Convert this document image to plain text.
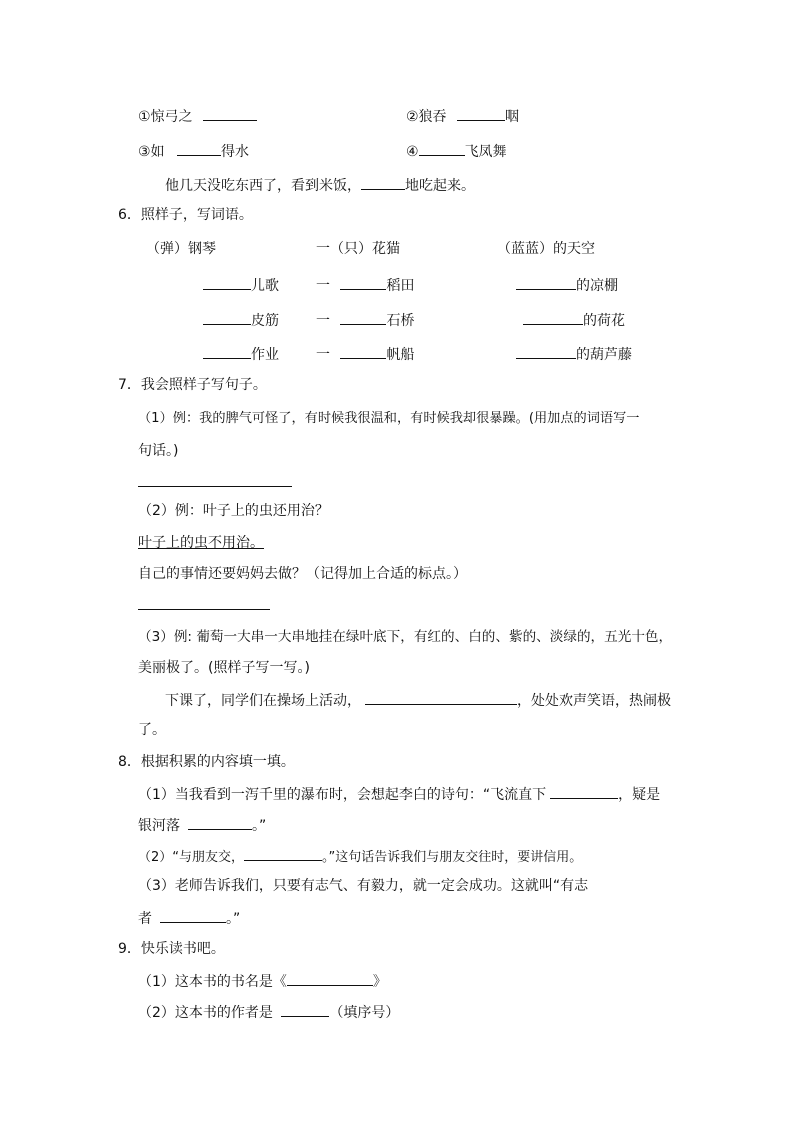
①惊弓之	②狼吞	咽
③如	得水	④	飞凤舞
他几天没吃东西了，看到米饭，	地吃起来。
6．照样子，写词语。
（弹）钢琴	一（只）花猫	（蓝蓝）的天空
儿歌	一	稻田	的凉棚
皮筋	一	石桥	的荷花
作业	一	帆船	的葫芦藤
7．我会照样子写句子。
（1）例：我的脾气可怪了，有时候我很温和，有时候我却很暴躁。(用加点的词语写一
句话。)
（2）例：叶子上的虫还用治？
叶子上的虫不用治。
自己的事情还要妈妈去做？（记得加上合适的标点。）
（3）例: 葡萄一大串一大串地挂在绿叶底下，有红的、白的、紫的、淡绿的，五光十色，
美丽极了。(照样子写一写。)
下课了，同学们在操场上活动，	，处处欢声笑语，热闹极
了。
8．根据积累的内容填一填。
（1）当我看到一泻千里的瀑布时，会想起李白的诗句：“飞流直下	，疑是
银河落	。”
（2）“与朋友交，	。”这句话告诉我们与朋友交往时，要讲信用。
（3）老师告诉我们，只要有志气、有毅力，就一定会成功。这就叫“有志
者	。”
9．快乐读书吧。
（1）这本书的书名是《	》
（2）这本书的作者是	（填序号）
